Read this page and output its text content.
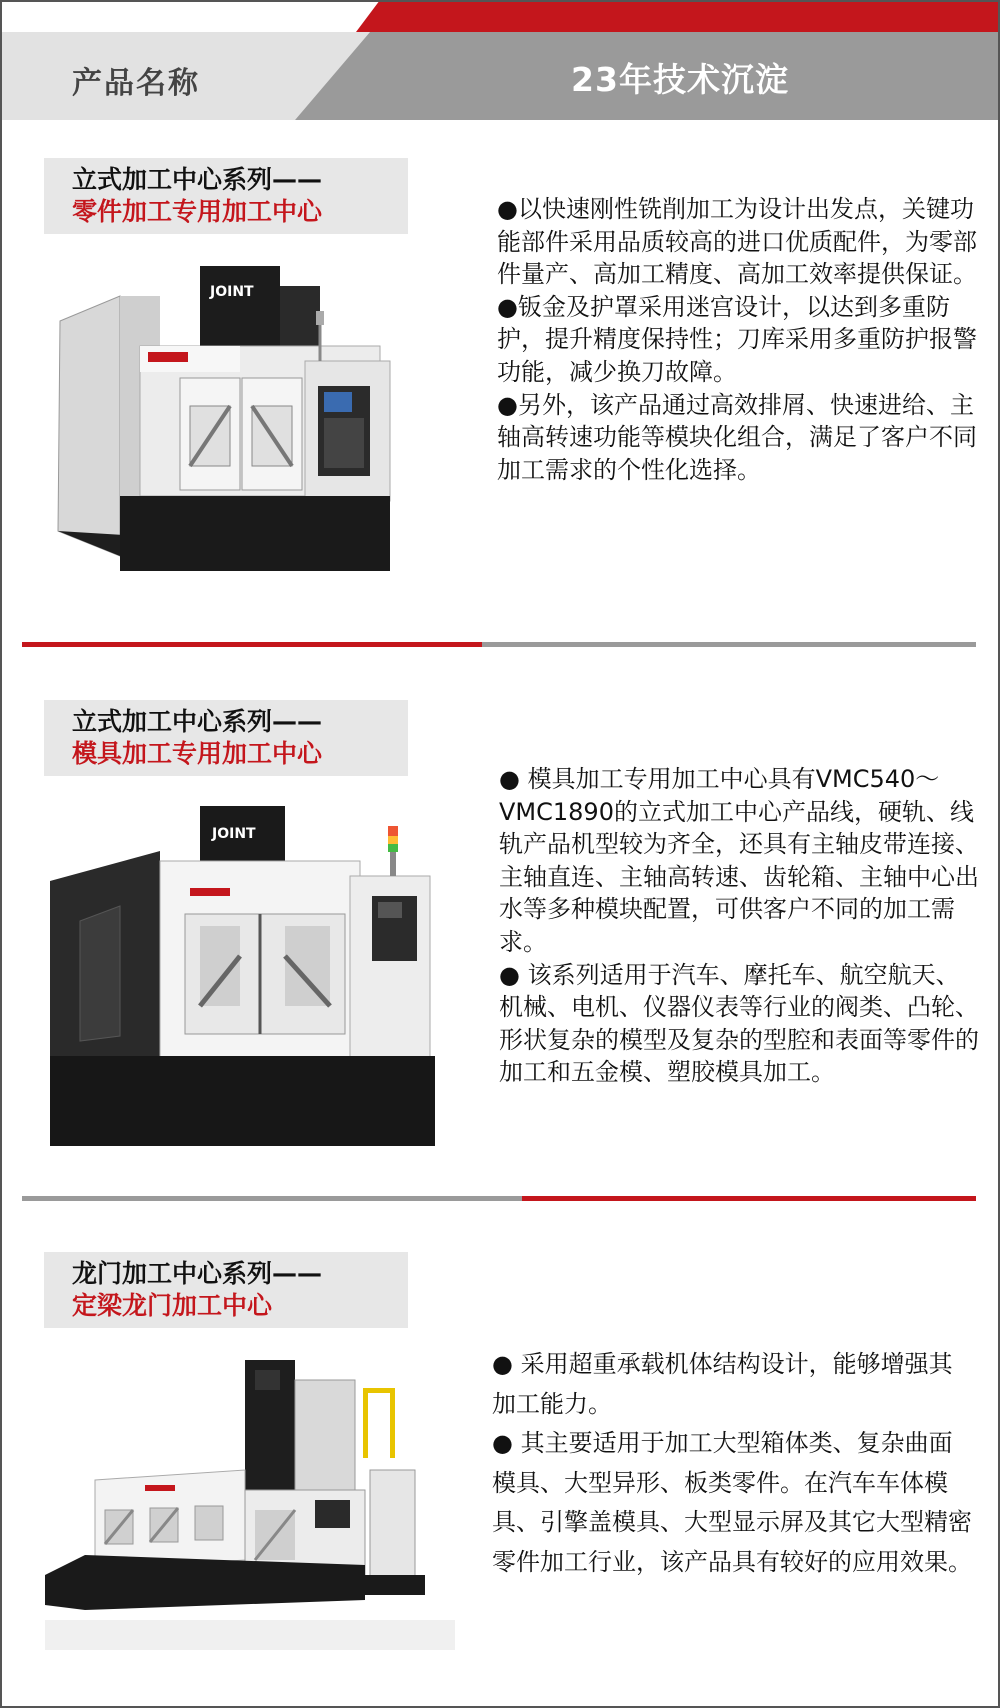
产品名称	23年技术沉淀
立式加工中心系列——
零件加工专用加工中心
JOINT

●以快速刚性铣削加工为设计出发点，关键功能部件采用品质较高的进口优质配件，为零部件量产、高加工精度、高加工效率提供保证。

●钣金及护罩采用迷宫设计，以达到多重防护，提升精度保持性；刀库采用多重防护报警功能，减少换刀故障。

●另外，该产品通过高效排屑、快速进给、主轴高转速功能等模块化组合，满足了客户不同加工需求的个性化选择。

立式加工中心系列——
模具加工专用加工中心
JOINT

● 模具加工专用加工中心具有VMC540～VMC1890的立式加工中心产品线，硬轨、线轨产品机型较为齐全，还具有主轴皮带连接、主轴直连、主轴高转速、齿轮箱、主轴中心出水等多种模块配置，可供客户不同的加工需求。

● 该系列适用于汽车、摩托车、航空航天、机械、电机、仪器仪表等行业的阀类、凸轮、形状复杂的模型及复杂的型腔和表面等零件的加工和五金模、塑胶模具加工。

龙门加工中心系列——
定梁龙门加工中心

● 采用超重承载机体结构设计，能够增强其加工能力。

● 其主要适用于加工大型箱体类、复杂曲面模具、大型异形、板类零件。在汽车车体模具、引擎盖模具、大型显示屏及其它大型精密零件加工行业，该产品具有较好的应用效果。
